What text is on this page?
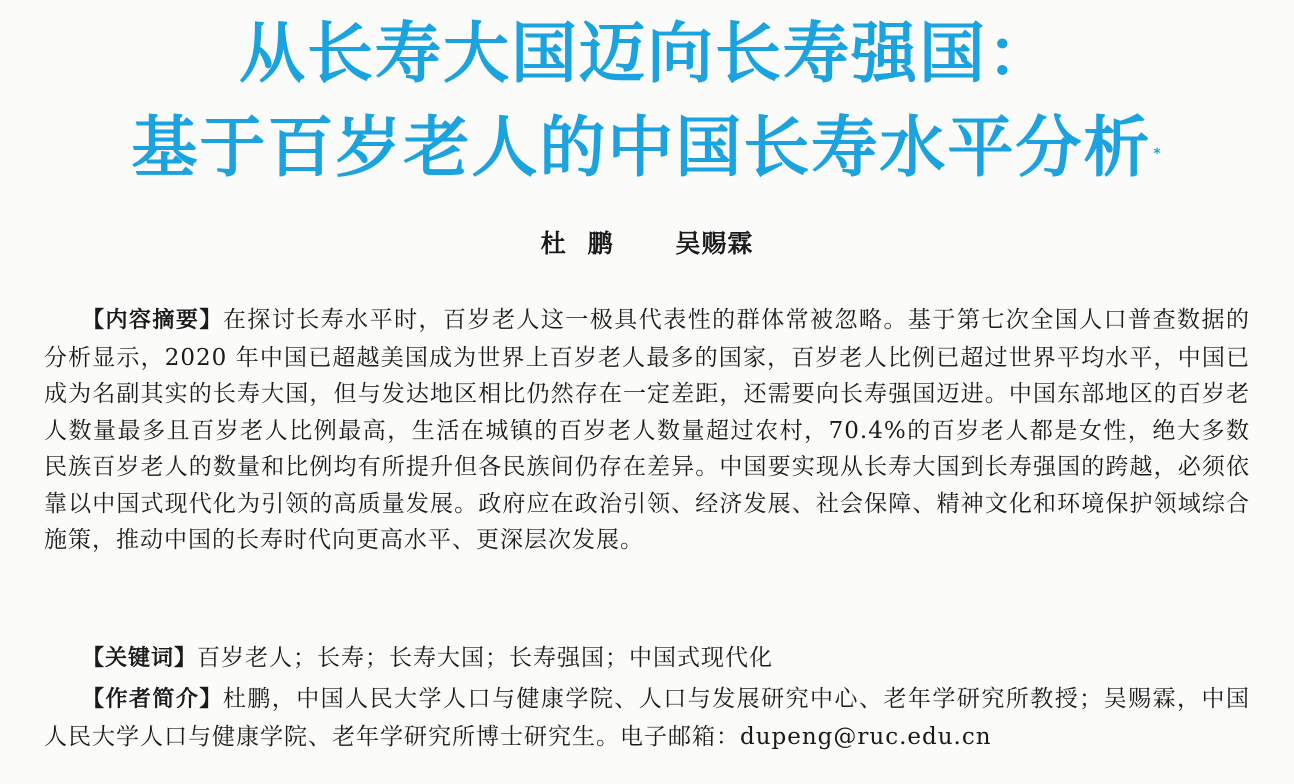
从长寿大国迈向长寿强国：
基于百岁老人的中国长寿水平分析 *
杜鹏 吴赐霖
【内容摘要】在探讨长寿水平时，百岁老人这一极具代表性的群体常被忽略。基于第七次全国人口普查数据的分析显示，2020 年中国已超越美国成为世界上百岁老人最多的国家，百岁老人比例已超过世界平均水平，中国已成为名副其实的长寿大国，但与发达地区相比仍然存在一定差距，还需要向长寿强国迈进。中国东部地区的百岁老人数量最多且百岁老人比例最高，生活在城镇的百岁老人数量超过农村，70.4%的百岁老人都是女性，绝大多数民族百岁老人的数量和比例均有所提升但各民族间仍存在差异。中国要实现从长寿大国到长寿强国的跨越，必须依靠以中国式现代化为引领的高质量发展。政府应在政治引领、经济发展、社会保障、精神文化和环境保护领域综合施策，推动中国的长寿时代向更高水平、更深层次发展。
【关键词】百岁老人；长寿；长寿大国；长寿强国；中国式现代化
【作者简介】杜鹏，中国人民大学人口与健康学院、人口与发展研究中心、老年学研究所教授；吴赐霖，中国人民大学人口与健康学院、老年学研究所博士研究生。电子邮箱：dupeng@ruc.edu.cn
